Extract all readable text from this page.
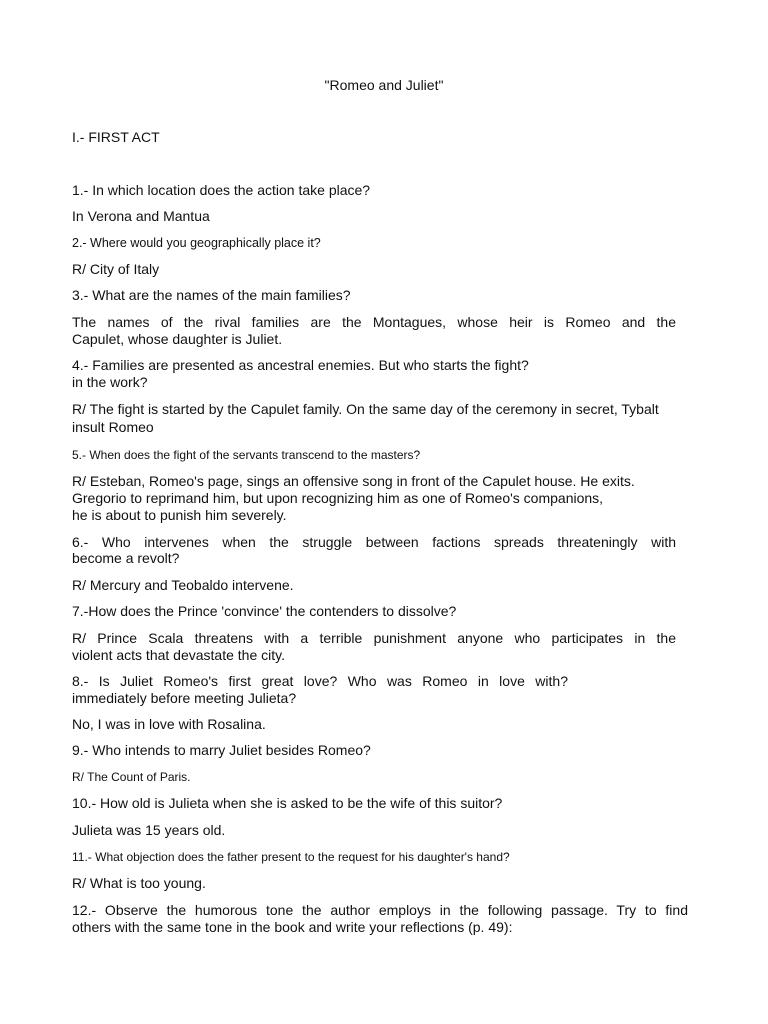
"Romeo and Juliet"
I.- FIRST ACT
1.- In which location does the action take place?
In Verona and Mantua
2.- Where would you geographically place it?
R/ City of Italy
3.- What are the names of the main families?
The names of the rival families are the Montagues, whose heir is Romeo and the
Capulet, whose daughter is Juliet.
4.- Families are presented as ancestral enemies. But who starts the fight?
in the work?
R/ The fight is started by the Capulet family. On the same day of the ceremony in secret, Tybalt
insult Romeo
5.- When does the fight of the servants transcend to the masters?
R/ Esteban, Romeo's page, sings an offensive song in front of the Capulet house. He exits.
Gregorio to reprimand him, but upon recognizing him as one of Romeo's companions,
he is about to punish him severely.
6.- Who intervenes when the struggle between factions spreads threateningly with
become a revolt?
R/ Mercury and Teobaldo intervene.
7.-How does the Prince 'convince' the contenders to dissolve?
R/ Prince Scala threatens with a terrible punishment anyone who participates in the
violent acts that devastate the city.
8.- Is Juliet Romeo's first great love? Who was Romeo in love with?
immediately before meeting Julieta?
No, I was in love with Rosalina.
9.- Who intends to marry Juliet besides Romeo?
R/ The Count of Paris.
10.- How old is Julieta when she is asked to be the wife of this suitor?
Julieta was 15 years old.
11.- What objection does the father present to the request for his daughter's hand?
R/ What is too young.
12.- Observe the humorous tone the author employs in the following passage. Try to find
others with the same tone in the book and write your reflections (p. 49):
